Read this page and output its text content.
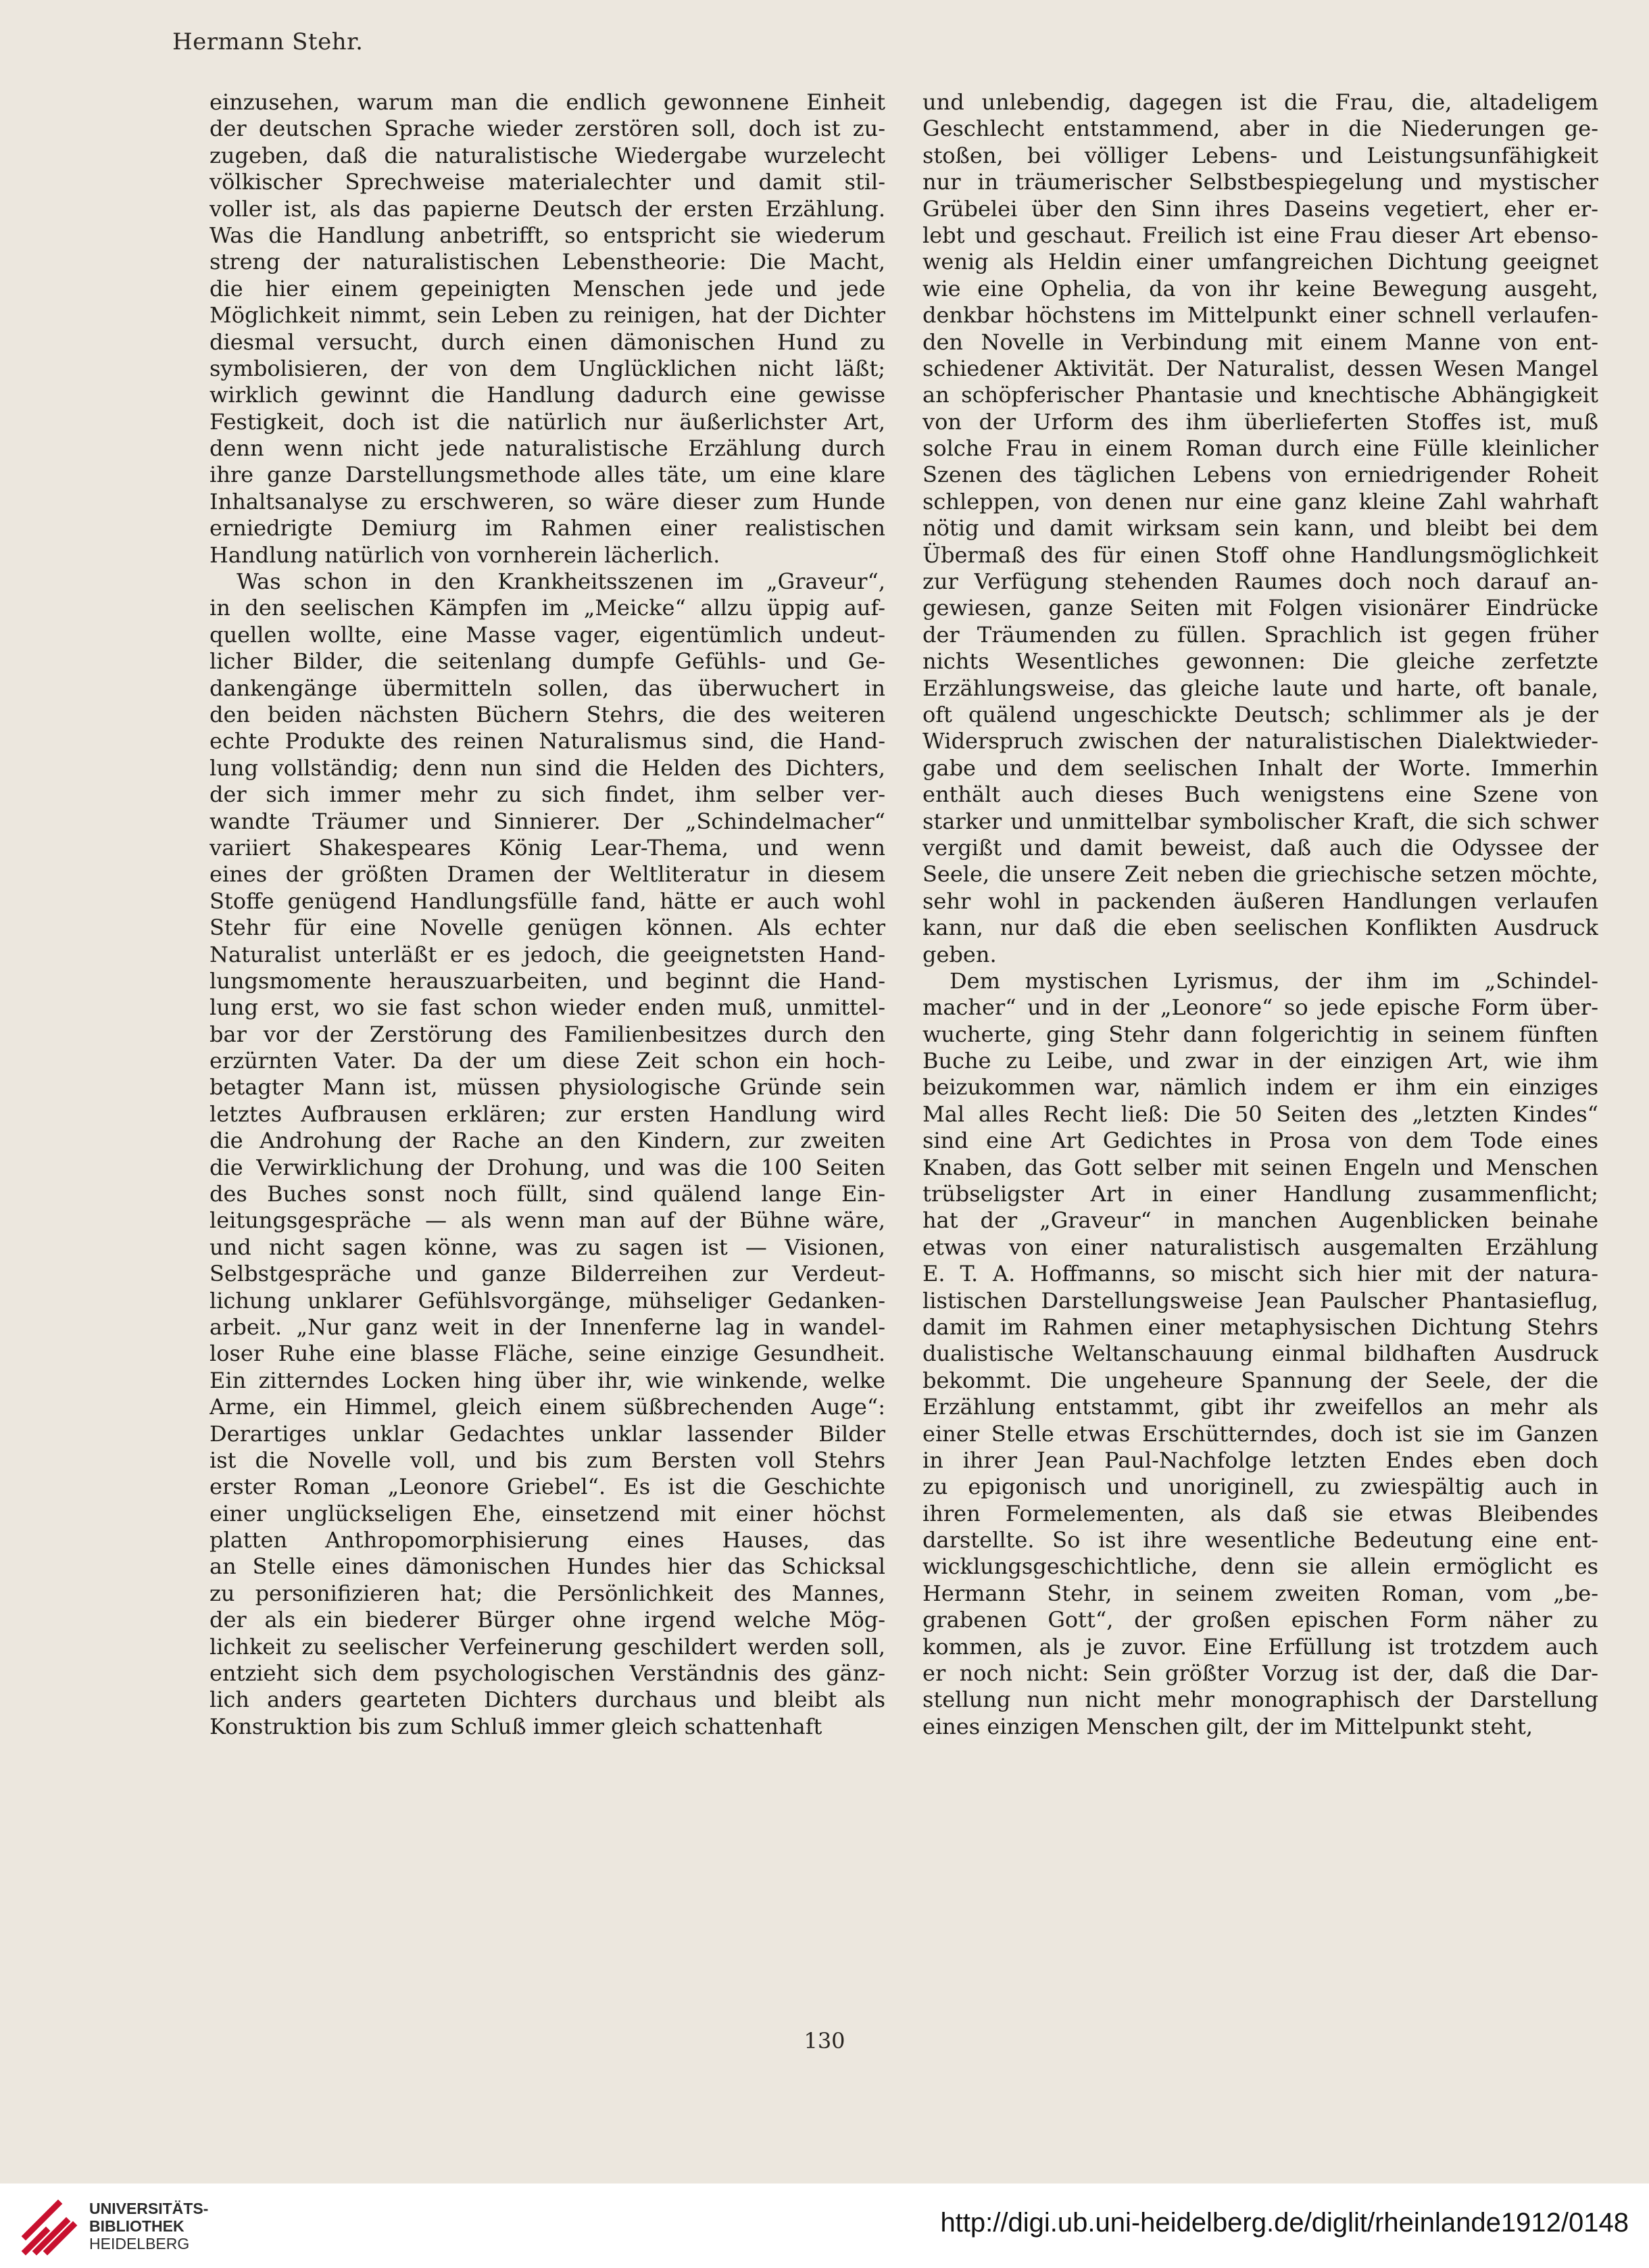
Hermann Stehr.
einzusehen, warum man die endlich gewonnene Einheit
der deutschen Sprache wieder zerstören soll, doch ist zu-
zugeben, daß die naturalistische Wiedergabe wurzelecht
völkischer Sprechweise materialechter und damit stil-
voller ist, als das papierne Deutsch der ersten Erzählung.
Was die Handlung anbetrifft, so entspricht sie wiederum
streng der naturalistischen Lebenstheorie: Die Macht,
die hier einem gepeinigten Menschen jede und jede
Möglichkeit nimmt, sein Leben zu reinigen, hat der Dichter
diesmal versucht, durch einen dämonischen Hund zu
symbolisieren, der von dem Unglücklichen nicht läßt;
wirklich gewinnt die Handlung dadurch eine gewisse
Festigkeit, doch ist die natürlich nur äußerlichster Art,
denn wenn nicht jede naturalistische Erzählung durch
ihre ganze Darstellungsmethode alles täte, um eine klare
Inhaltsanalyse zu erschweren, so wäre dieser zum Hunde
erniedrigte Demiurg im Rahmen einer realistischen
Handlung natürlich von vornherein lächerlich.
Was schon in den Krankheitsszenen im „Graveur“,
in den seelischen Kämpfen im „Meicke“ allzu üppig auf-
quellen wollte, eine Masse vager, eigentümlich undeut-
licher Bilder, die seitenlang dumpfe Gefühls- und Ge-
dankengänge übermitteln sollen, das überwuchert in
den beiden nächsten Büchern Stehrs, die des weiteren
echte Produkte des reinen Naturalismus sind, die Hand-
lung vollständig; denn nun sind die Helden des Dichters,
der sich immer mehr zu sich findet, ihm selber ver-
wandte Träumer und Sinnierer. Der „Schindelmacher“
variiert Shakespeares König Lear-Thema, und wenn
eines der größten Dramen der Weltliteratur in diesem
Stoffe genügend Handlungsfülle fand, hätte er auch wohl
Stehr für eine Novelle genügen können. Als echter
Naturalist unterläßt er es jedoch, die geeignetsten Hand-
lungsmomente herauszuarbeiten, und beginnt die Hand-
lung erst, wo sie fast schon wieder enden muß, unmittel-
bar vor der Zerstörung des Familienbesitzes durch den
erzürnten Vater. Da der um diese Zeit schon ein hoch-
betagter Mann ist, müssen physiologische Gründe sein
letztes Aufbrausen erklären; zur ersten Handlung wird
die Androhung der Rache an den Kindern, zur zweiten
die Verwirklichung der Drohung, und was die 100 Seiten
des Buches sonst noch füllt, sind quälend lange Ein-
leitungsgespräche — als wenn man auf der Bühne wäre,
und nicht sagen könne, was zu sagen ist — Visionen,
Selbstgespräche und ganze Bilderreihen zur Verdeut-
lichung unklarer Gefühlsvorgänge, mühseliger Gedanken-
arbeit. „Nur ganz weit in der Innenferne lag in wandel-
loser Ruhe eine blasse Fläche, seine einzige Gesundheit.
Ein zitterndes Locken hing über ihr, wie winkende, welke
Arme, ein Himmel, gleich einem süßbrechenden Auge“:
Derartiges unklar Gedachtes unklar lassender Bilder
ist die Novelle voll, und bis zum Bersten voll Stehrs
erster Roman „Leonore Griebel“. Es ist die Geschichte
einer unglückseligen Ehe, einsetzend mit einer höchst
platten Anthropomorphisierung eines Hauses, das
an Stelle eines dämonischen Hundes hier das Schicksal
zu personifizieren hat; die Persönlichkeit des Mannes,
der als ein biederer Bürger ohne irgend welche Mög-
lichkeit zu seelischer Verfeinerung geschildert werden soll,
entzieht sich dem psychologischen Verständnis des gänz-
lich anders gearteten Dichters durchaus und bleibt als
Konstruktion bis zum Schluß immer gleich schattenhaft
und unlebendig, dagegen ist die Frau, die, altadeligem
Geschlecht entstammend, aber in die Niederungen ge-
stoßen, bei völliger Lebens- und Leistungsunfähigkeit
nur in träumerischer Selbstbespiegelung und mystischer
Grübelei über den Sinn ihres Daseins vegetiert, eher er-
lebt und geschaut. Freilich ist eine Frau dieser Art ebenso-
wenig als Heldin einer umfangreichen Dichtung geeignet
wie eine Ophelia, da von ihr keine Bewegung ausgeht,
denkbar höchstens im Mittelpunkt einer schnell verlaufen-
den Novelle in Verbindung mit einem Manne von ent-
schiedener Aktivität. Der Naturalist, dessen Wesen Mangel
an schöpferischer Phantasie und knechtische Abhängigkeit
von der Urform des ihm überlieferten Stoffes ist, muß
solche Frau in einem Roman durch eine Fülle kleinlicher
Szenen des täglichen Lebens von erniedrigender Roheit
schleppen, von denen nur eine ganz kleine Zahl wahrhaft
nötig und damit wirksam sein kann, und bleibt bei dem
Übermaß des für einen Stoff ohne Handlungsmöglichkeit
zur Verfügung stehenden Raumes doch noch darauf an-
gewiesen, ganze Seiten mit Folgen visionärer Eindrücke
der Träumenden zu füllen. Sprachlich ist gegen früher
nichts Wesentliches gewonnen: Die gleiche zerfetzte
Erzählungsweise, das gleiche laute und harte, oft banale,
oft quälend ungeschickte Deutsch; schlimmer als je der
Widerspruch zwischen der naturalistischen Dialektwieder-
gabe und dem seelischen Inhalt der Worte. Immerhin
enthält auch dieses Buch wenigstens eine Szene von
starker und unmittelbar symbolischer Kraft, die sich schwer
vergißt und damit beweist, daß auch die Odyssee der
Seele, die unsere Zeit neben die griechische setzen möchte,
sehr wohl in packenden äußeren Handlungen verlaufen
kann, nur daß die eben seelischen Konflikten Ausdruck
geben.
Dem mystischen Lyrismus, der ihm im „Schindel-
macher“ und in der „Leonore“ so jede epische Form über-
wucherte, ging Stehr dann folgerichtig in seinem fünften
Buche zu Leibe, und zwar in der einzigen Art, wie ihm
beizukommen war, nämlich indem er ihm ein einziges
Mal alles Recht ließ: Die 50 Seiten des „letzten Kindes“
sind eine Art Gedichtes in Prosa von dem Tode eines
Knaben, das Gott selber mit seinen Engeln und Menschen
trübseligster Art in einer Handlung zusammenflicht;
hat der „Graveur“ in manchen Augenblicken beinahe
etwas von einer naturalistisch ausgemalten Erzählung
E. T. A. Hoffmanns, so mischt sich hier mit der natura-
listischen Darstellungsweise Jean Paulscher Phantasieflug,
damit im Rahmen einer metaphysischen Dichtung Stehrs
dualistische Weltanschauung einmal bildhaften Ausdruck
bekommt. Die ungeheure Spannung der Seele, der die
Erzählung entstammt, gibt ihr zweifellos an mehr als
einer Stelle etwas Erschütterndes, doch ist sie im Ganzen
in ihrer Jean Paul-Nachfolge letzten Endes eben doch
zu epigonisch und unoriginell, zu zwiespältig auch in
ihren Formelementen, als daß sie etwas Bleibendes
darstellte. So ist ihre wesentliche Bedeutung eine ent-
wicklungsgeschichtliche, denn sie allein ermöglicht es
Hermann Stehr, in seinem zweiten Roman, vom „be-
grabenen Gott“, der großen epischen Form näher zu
kommen, als je zuvor. Eine Erfüllung ist trotzdem auch
er noch nicht: Sein größter Vorzug ist der, daß die Dar-
stellung nun nicht mehr monographisch der Darstellung
eines einzigen Menschen gilt, der im Mittelpunkt steht,
130
UNIVERSITÄTS-
BIBLIOTHEK
HEIDELBERG
http://digi.ub.uni-heidelberg.de/diglit/rheinlande1912/0148
